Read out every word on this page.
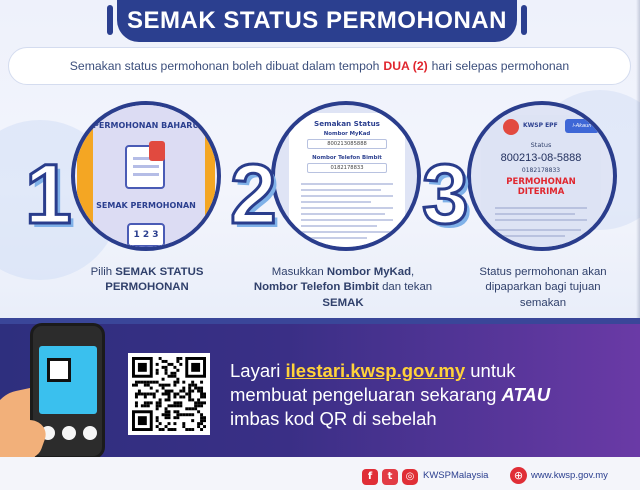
SEMAK STATUS PERMOHONAN
Semakan status permohonan boleh dibuat dalam tempoh DUA (2) hari selepas permohonan
PERMOHONAN BAHARU
SEMAK PERMOHONAN
1 2 3
1
Pilih SEMAK STATUS PERMOHONAN
Semakan Status
Nombor MyKad
800213085888
Nombor Telefon Bimbit
0182178833
2
Masukkan Nombor MyKad,
Nombor Telefon Bimbit dan tekan SEMAK
KWSP EPF	i-Akaun
Status
800213-08-5888
0182178833
PERMOHONAN
DITERIMA
3
Status permohonan akan dipaparkan bagi tujuan semakan
Layari ilestari.kwsp.gov.my untuk
membuat pengeluaran sekarang ATAU
imbas kod QR di sebelah
f	t	◎ KWSPMalaysia	⊕ www.kwsp.gov.my
